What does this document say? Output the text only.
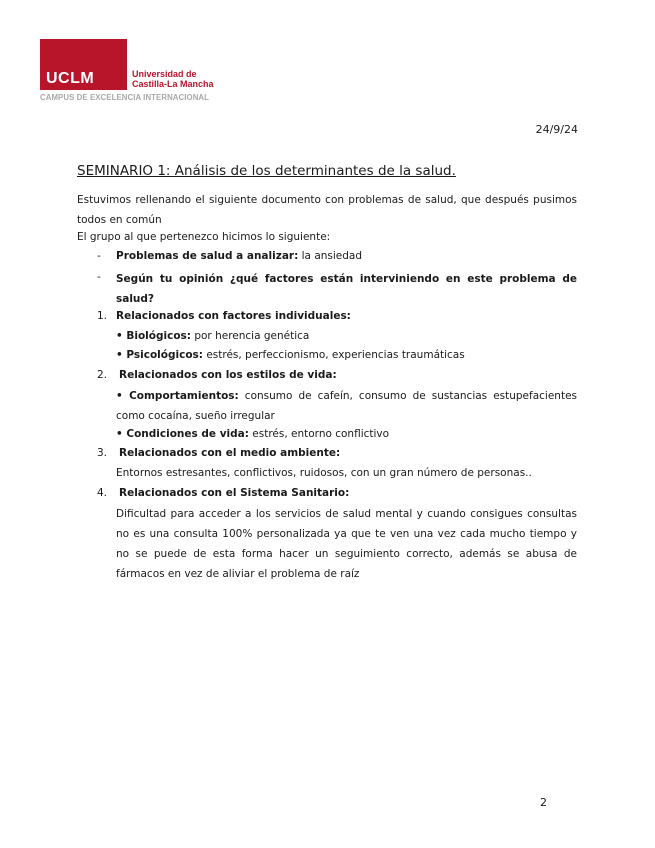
UCLM	Universidad de
Castilla-La Mancha
CAMPUS DE EXCELENCIA INTERNACIONAL
24/9/24
SEMINARIO 1: Análisis de los determinantes de la salud.
Estuvimos rellenando el siguiente documento con problemas de salud, que después pusimos todos en común
El grupo al que pertenezco hicimos lo siguiente:
- Problemas de salud a analizar: la ansiedad
- Según tu opinión ¿qué factores están interviniendo en este problema de salud?
1. Relacionados con factores individuales:
• Biológicos: por herencia genética
• Psicológicos: estrés, perfeccionismo, experiencias traumáticas
2. Relacionados con los estilos de vida:
• Comportamientos: consumo de cafeín, consumo de sustancias estupefacientes como cocaína, sueño irregular
• Condiciones de vida: estrés, entorno conflictivo
3. Relacionados con el medio ambiente:
Entornos estresantes, conflictivos, ruidosos, con un gran número de personas..
4. Relacionados con el Sistema Sanitario:
Dificultad para acceder a los servicios de salud mental y cuando consigues consultas no es una consulta 100% personalizada ya que te ven una vez cada mucho tiempo y no se puede de esta forma hacer un seguimiento correcto, además se abusa de fármacos en vez de aliviar el problema de raíz
2
